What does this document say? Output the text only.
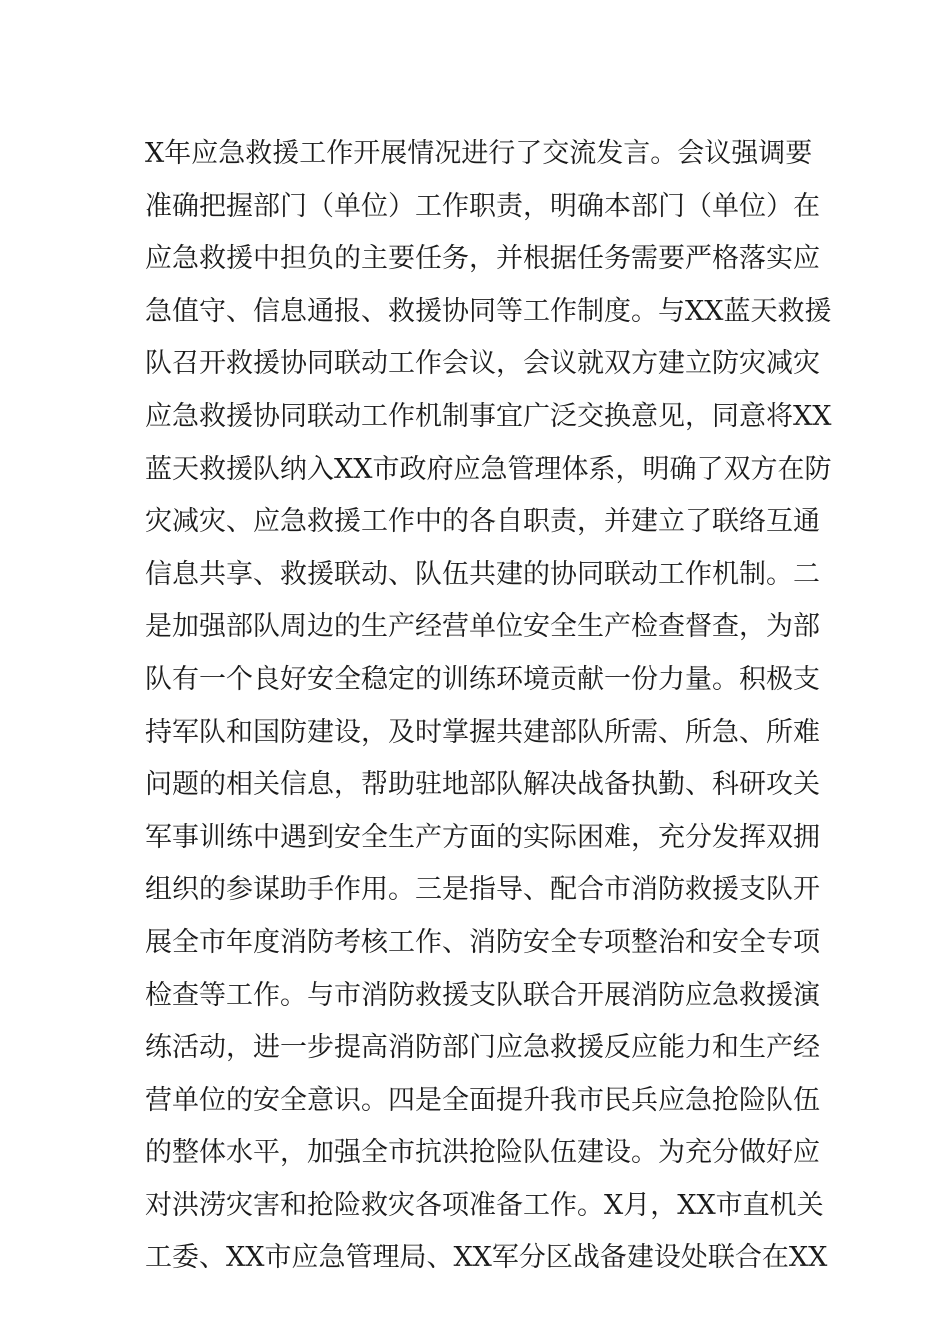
X年应急救援工作开展情况进行了交流发言。会议强调要
准确把握部门（单位）工作职责，明确本部门（单位）在
应急救援中担负的主要任务，并根据任务需要严格落实应
急值守、信息通报、救援协同等工作制度。与XX蓝天救援
队召开救援协同联动工作会议，会议就双方建立防灾减灾
应急救援协同联动工作机制事宜广泛交换意见，同意将XX
蓝天救援队纳入XX市政府应急管理体系，明确了双方在防
灾减灾、应急救援工作中的各自职责，并建立了联络互通
信息共享、救援联动、队伍共建的协同联动工作机制。二
是加强部队周边的生产经营单位安全生产检查督查，为部
队有一个良好安全稳定的训练环境贡献一份力量。积极支
持军队和国防建设，及时掌握共建部队所需、所急、所难
问题的相关信息，帮助驻地部队解决战备执勤、科研攻关
军事训练中遇到安全生产方面的实际困难，充分发挥双拥
组织的参谋助手作用。三是指导、配合市消防救援支队开
展全市年度消防考核工作、消防安全专项整治和安全专项
检查等工作。与市消防救援支队联合开展消防应急救援演
练活动，进一步提高消防部门应急救援反应能力和生产经
营单位的安全意识。四是全面提升我市民兵应急抢险队伍
的整体水平，加强全市抗洪抢险队伍建设。为充分做好应
对洪涝灾害和抢险救灾各项准备工作。X月，XX市直机关
工委、XX市应急管理局、XX军分区战备建设处联合在XX
